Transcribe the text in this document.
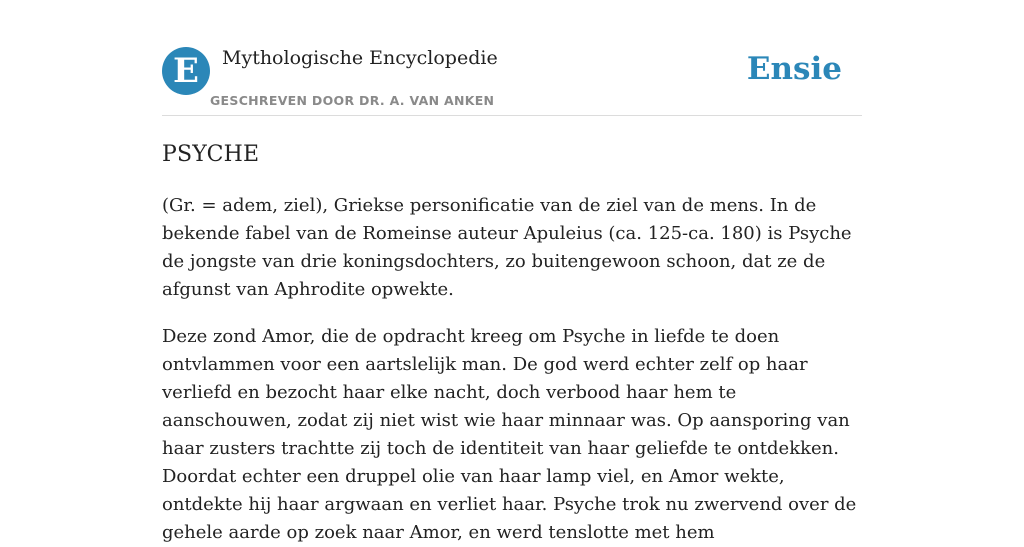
E	Mythologische Encyclopedie
GESCHREVEN DOOR DR. A. VAN ANKEN
Ensie
PSYCHE

(Gr. = adem, ziel), Griekse personificatie van de ziel van de mens. In de bekende fabel van de Romeinse auteur Apuleius (ca. 125-ca. 180) is Psyche de jongste van drie koningsdochters, zo buitengewoon schoon, dat ze de afgunst van Aphrodite opwekte.

Deze zond Amor, die de opdracht kreeg om Psyche in liefde te doen ontvlammen voor een aartslelijk man. De god werd echter zelf op haar verliefd en bezocht haar elke nacht, doch verbood haar hem te aanschouwen, zodat zij niet wist wie haar minnaar was. Op aansporing van haar zusters trachtte zij toch de identiteit van haar geliefde te ontdekken. Doordat echter een druppel olie van haar lamp viel, en Amor wekte, ontdekte hij haar argwaan en verliet haar. Psyche trok nu zwervend over de gehele aarde op zoek naar Amor, en werd tenslotte met hem
